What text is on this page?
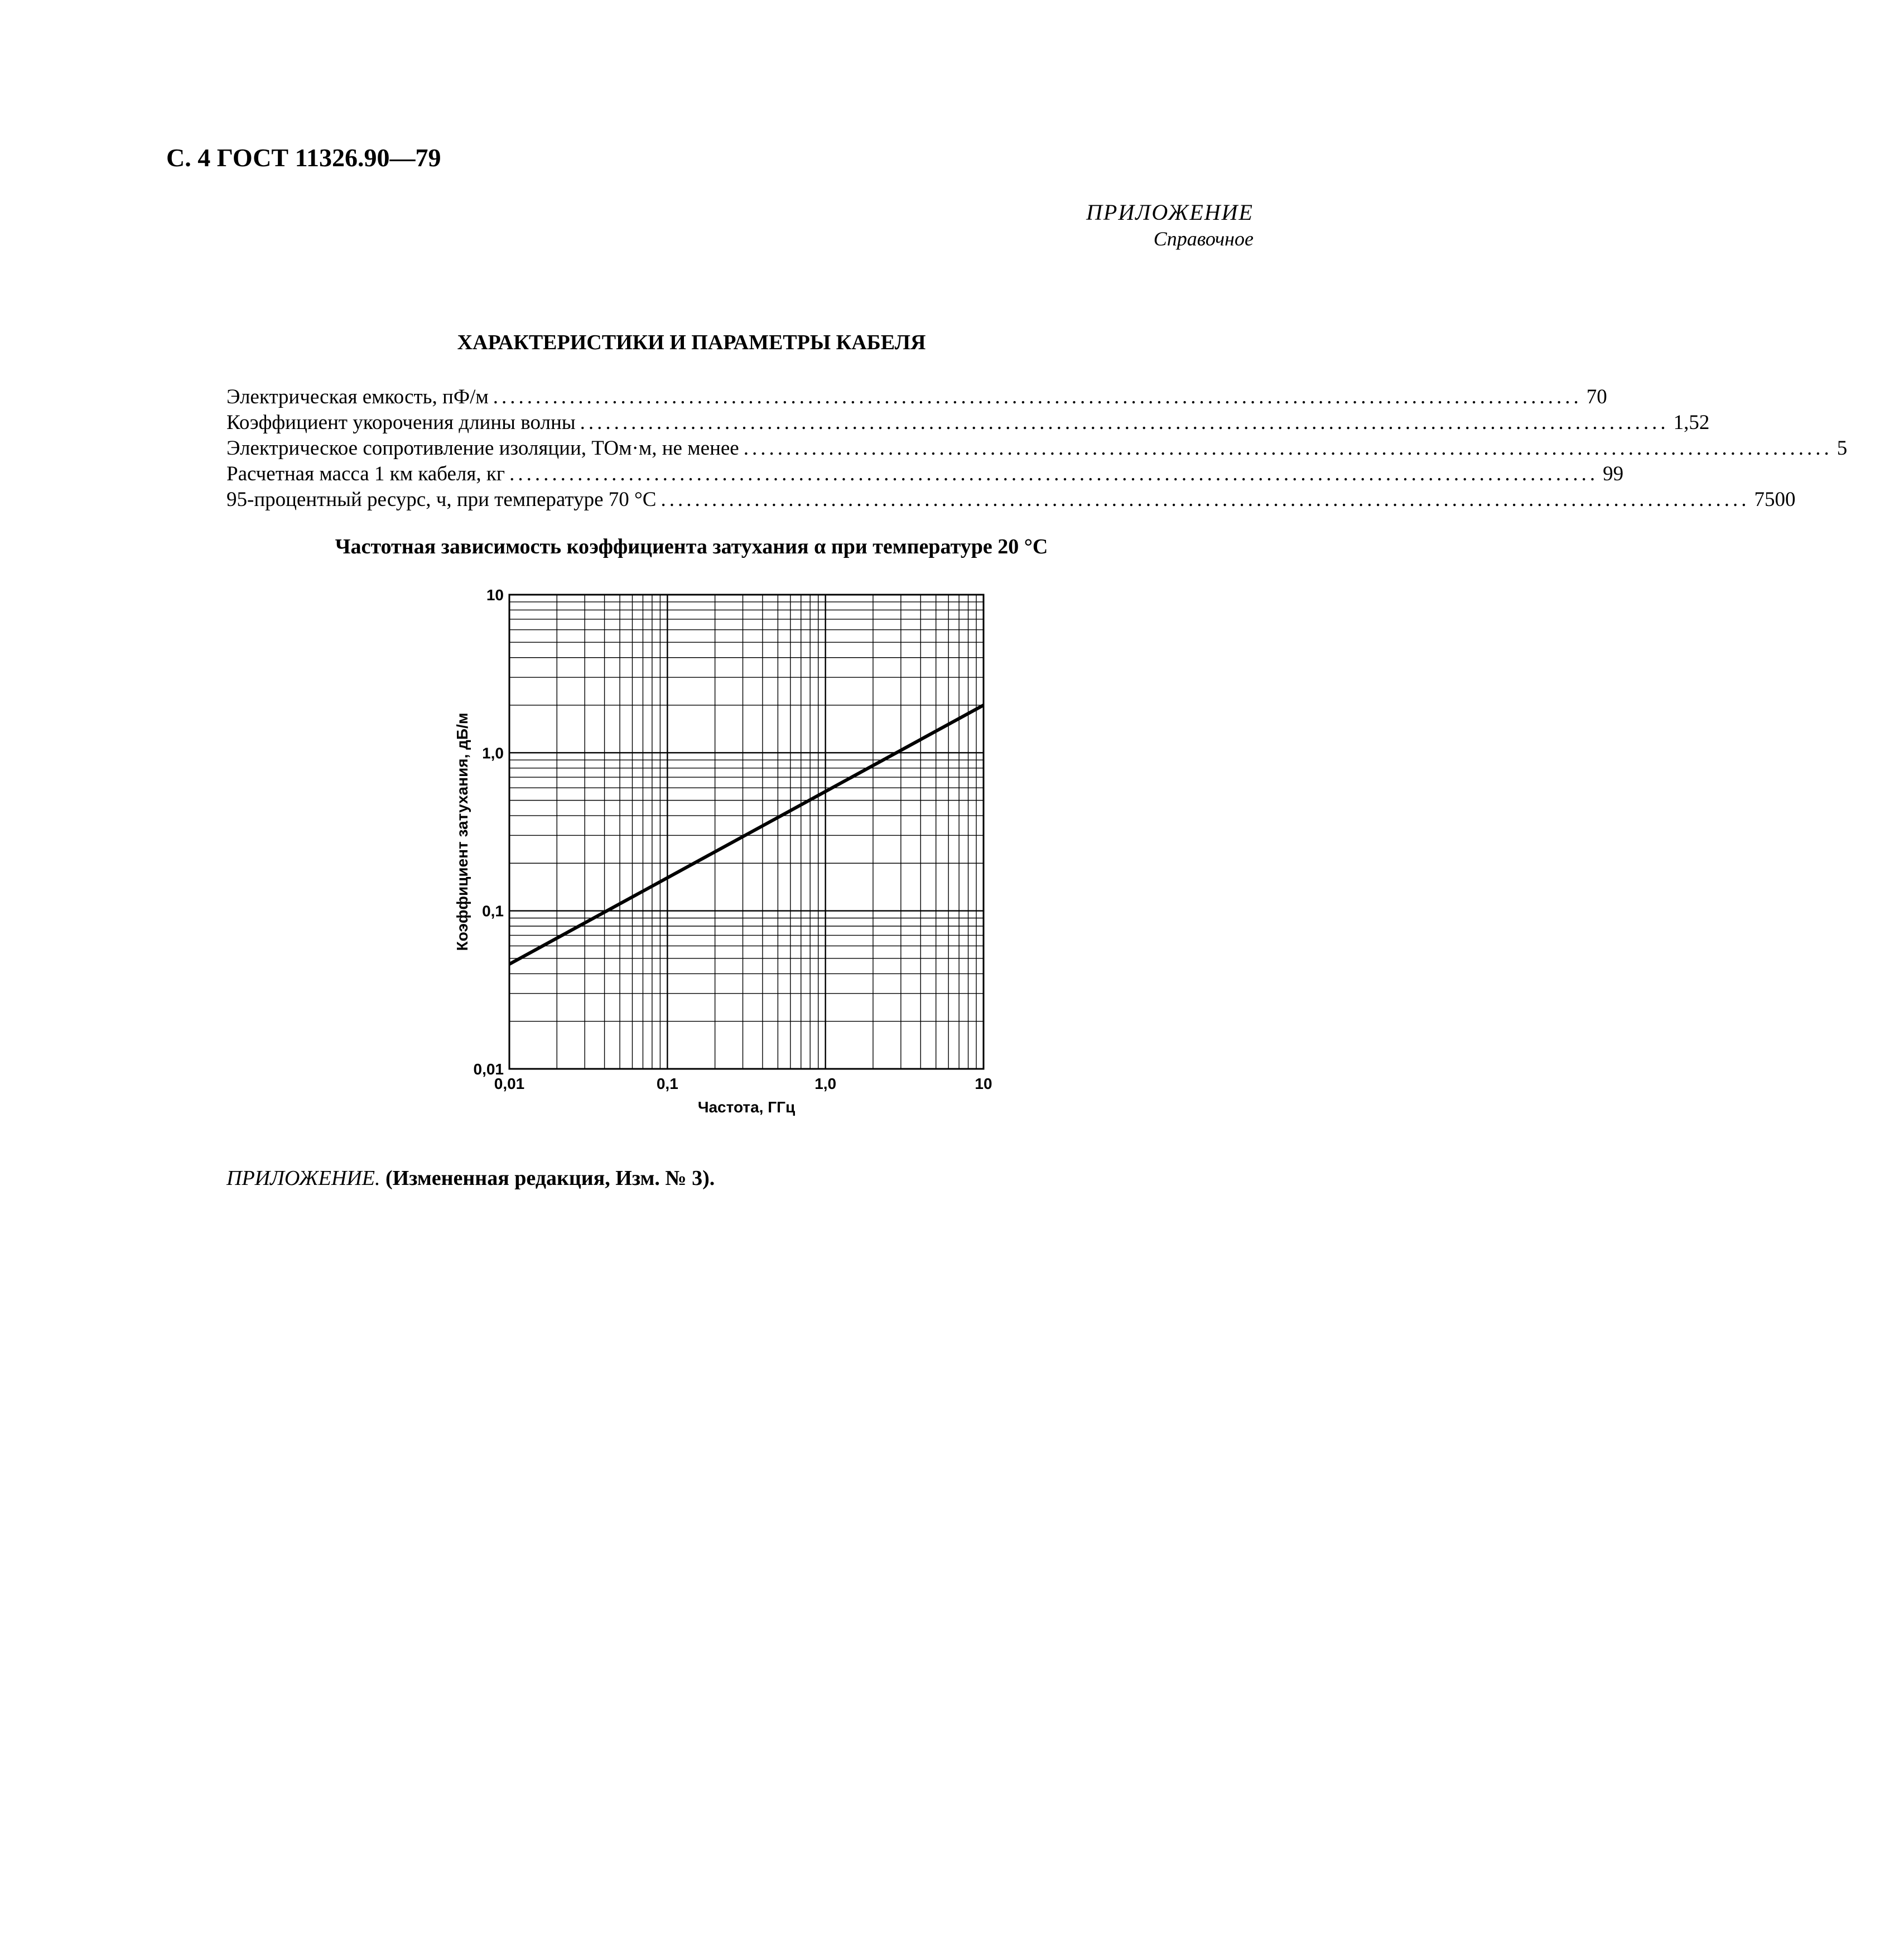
С. 4 ГОСТ 11326.90—79
ПРИЛОЖЕНИЕ
Справочное
ХАРАКТЕРИСТИКИ И ПАРАМЕТРЫ КАБЕЛЯ
Электрическая емкость, пФ/м ................................................................................................................................ 70
Коэффициент укорочения длины волны ................................................................................................................................ 1,52
Электрическое сопротивление изоляции, ТОм·м, не менее ................................................................................................................................ 5
Расчетная масса 1 км кабеля, кг ................................................................................................................................ 99
95-процентный ресурс, ч, при температуре 70 °С ................................................................................................................................ 7500
Частотная зависимость коэффициента затухания α при температуре 20 °С
0,01	0,1	1,0	10
0,01
0,1
1,0
10
Частота, ГГц
Коэффициент затухания, дБ/м
ПРИЛОЖЕНИЕ. (Измененная редакция, Изм. № 3).
